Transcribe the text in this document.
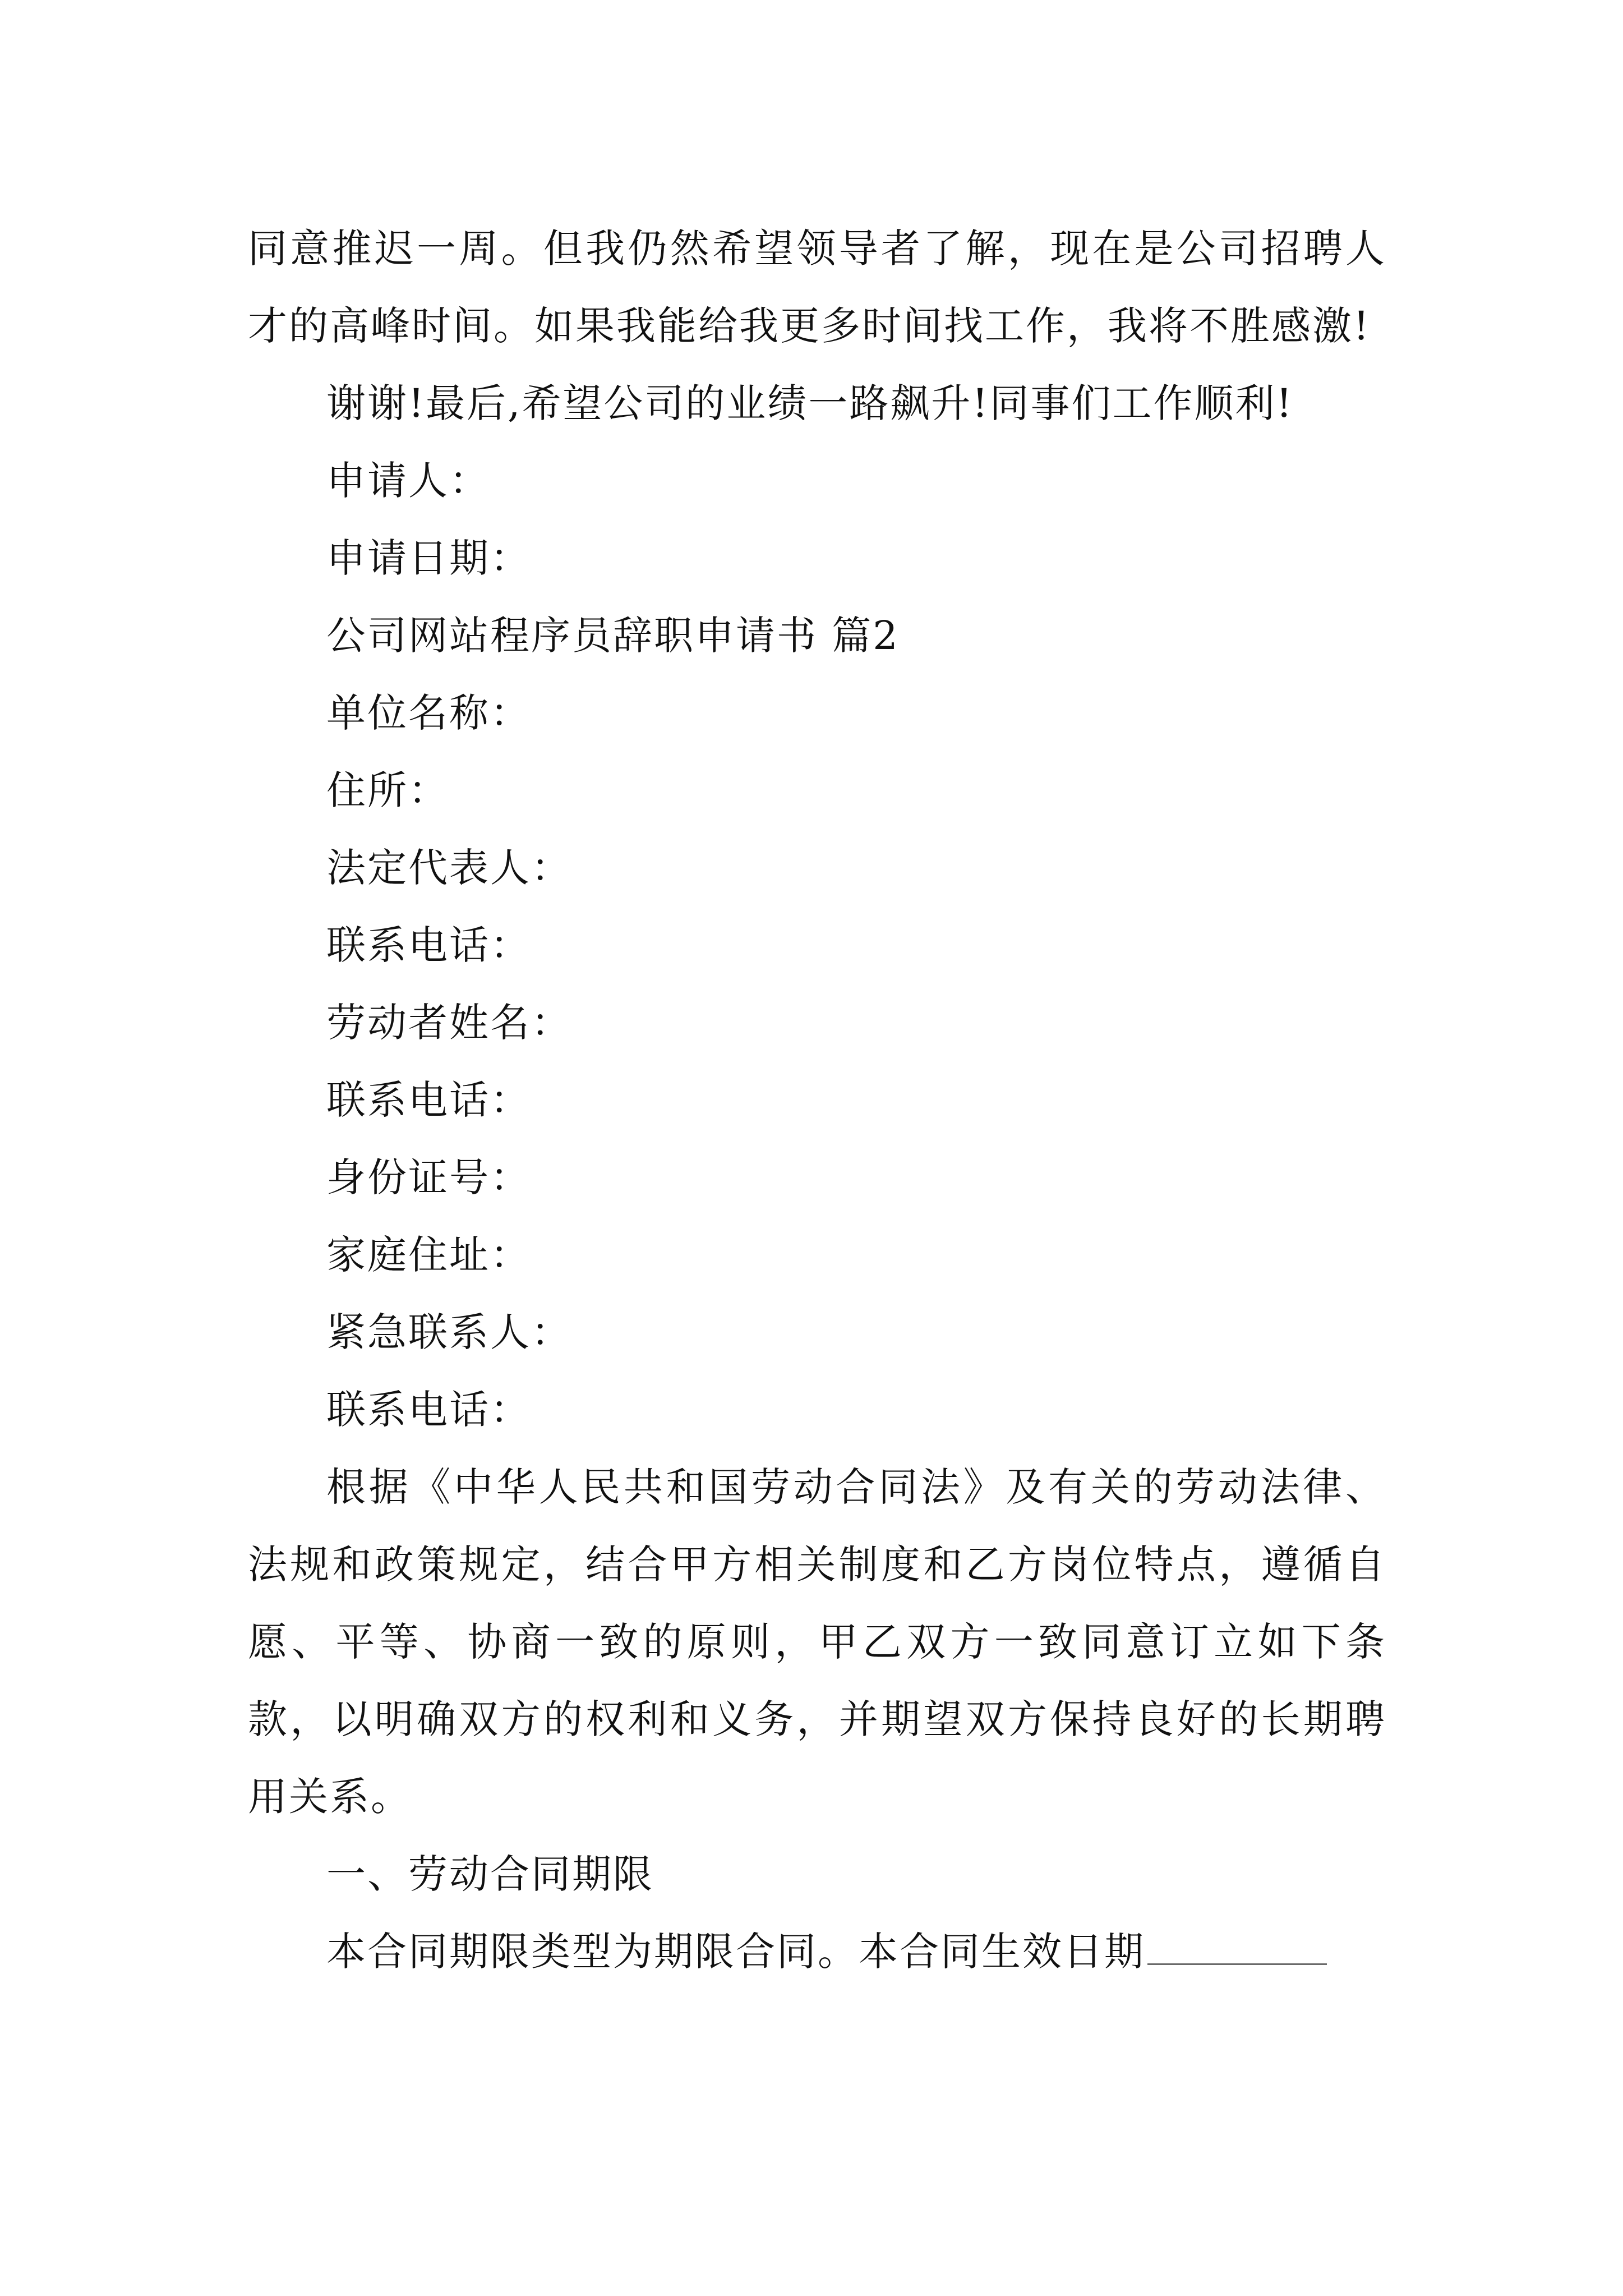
同意推迟一周。但我仍然希望领导者了解，现在是公司招聘人才的高峰时间。如果我能给我更多时间找工作，我将不胜感激!

谢谢!最后,希望公司的业绩一路飙升!同事们工作顺利!

申请人：

申请日期：

公司网站程序员辞职申请书 篇2

单位名称：

住所：

法定代表人：

联系电话：

劳动者姓名：

联系电话：

身份证号：

家庭住址：

紧急联系人：

联系电话：

根据《中华人民共和国劳动合同法》及有关的劳动法律、法规和政策规定，结合甲方相关制度和乙方岗位特点，遵循自愿、平等、协商一致的原则，甲乙双方一致同意订立如下条款，以明确双方的权利和义务，并期望双方保持良好的长期聘用关系。

一、劳动合同期限

本合同期限类型为期限合同。本合同生效日期
